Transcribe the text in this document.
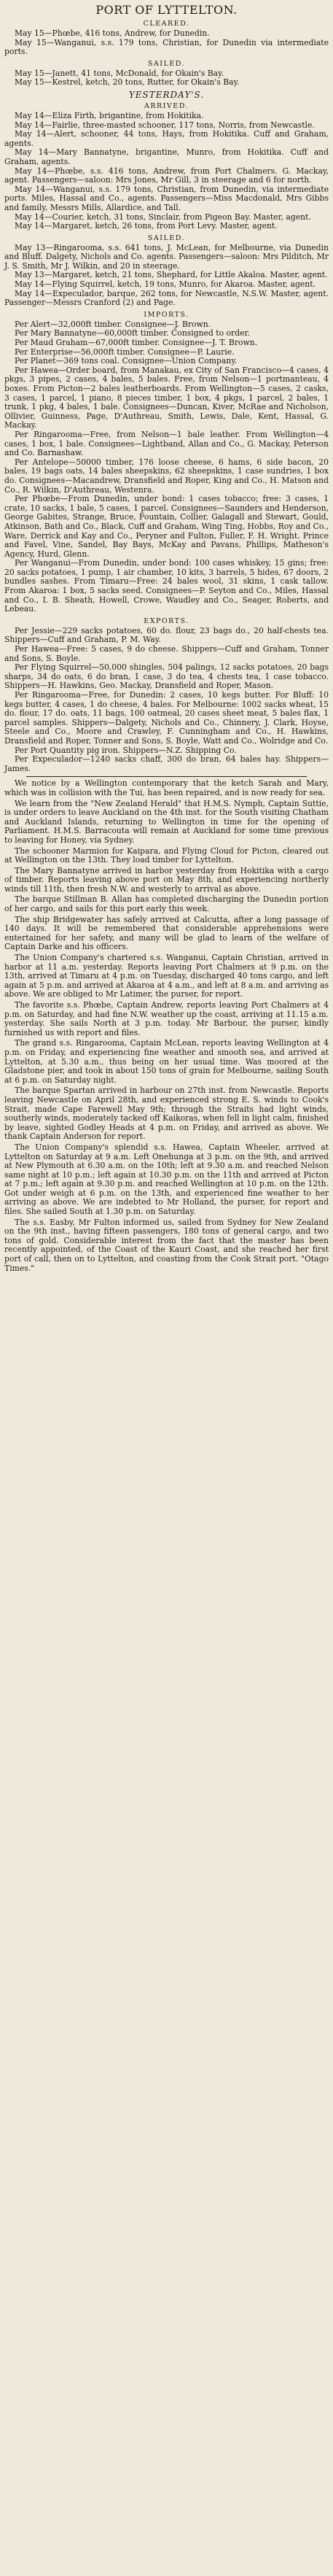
PORT OF LYTTELTON.
CLEARED.

May 15—Phœbe, 416 tons, Andrew, for Dunedin.

May 15—Wanganui, s.s. 179 tons, Christian, for Dunedin via intermediate ports.

SAILED.

May 15—Janett, 41 tons, McDonald, for Okain's Bay.

May 15—Kestrel, ketch, 20 tons, Rutter, for Okain's Bay.

YESTERDAY'S.
ARRIVED.

May 14—Eliza Firth, brigantine, from Hokitika.

May 14—Fairlie, three-masted schooner, 117 tons, Norris, from Newcastle.

May 14—Alert, schooner, 44 tons, Hays, from Hokitika. Cuff and Graham, agents.

May 14—Mary Bannatyne, brigantine, Munro, from Hokitika. Cuff and Graham, agents.

May 14—Phœbe, s.s. 416 tons, Andrew, from Port Chalmers. G. Mackay, agent. Passengers—saloon: Mrs Jones, Mr Gill, 3 in steerage and 6 for north.

May 14—Wanganui, s.s. 179 tons, Christian, from Dunedin, via intermediate ports. Miles, Hassal and Co., agents. Passengers—Miss Macdonald, Mrs Gibbs and family, Messrs Mills, Allardice, and Tall.

May 14—Courier, ketch, 31 tons, Sinclair, from Pigeon Bay. Master, agent.

May 14—Margaret, ketch, 26 tons, from Port Levy. Master, agent.

SAILED.

May 13—Ringarooma, s.s. 641 tons, J. McLean, for Melbourne, via Dunedin and Bluff. Dalgety, Nichols and Co. agents. Passengers—saloon: Mrs Pilditch, Mr J. S. Smith, Mr J. Wilkin, and 20 in steerage.

May 13—Margaret, ketch, 21 tons, Shephard, for Little Akaloa. Master, agent.

May 14—Flying Squirrel, ketch, 19 tons, Munro, for Akaroa. Master, agent.

May 14—Expeculador, barque, 262 tons, for Newcastle, N.S.W. Master, agent. Passenger—Messrs Cranford (2) and Page.

IMPORTS.

Per Alert—32,000ft timber. Consignee—J. Brown.

Per Mary Bannatyne—60,000ft timber. Consigned to order.

Per Maud Graham—67,000ft timber. Consignee—J. T. Brown.

Per Enterprise—56,000ft timber. Consignee—P. Laurie.

Per Planet—369 tons coal. Consignee—Union Company.

Per Hawea—Order board, from Manakau, ex City of San Francisco—4 cases, 4 pkgs, 3 pipes, 2 cases, 4 bales, 5 bales. Free, from Nelson—1 portmanteau, 4 boxes. From Picton—2 bales leatherboards. From Wellington—5 cases, 2 casks, 3 cases, 1 parcel, 1 piano, 8 pieces timber, 1 box, 4 pkgs, 1 parcel, 2 bales, 1 trunk, 1 pkg, 4 bales, 1 bale. Consignees—Duncan, Kiver, McRae and Nicholson, Ollivier, Guinness, Page, D'Authreau, Smith, Lewis, Dale, Kent, Hassal, G. Mackay.

Per Ringarooma—Free, from Nelson—1 bale leather. From Wellington—4 cases, 1 box, 1 bale. Consignees—Lightband, Allan and Co., G. Mackay, Peterson and Co. Barnashaw.

Per Antelope—50000 timber, 176 loose cheese, 6 hams, 6 side bacon, 20 bales, 19 bags oats, 14 bales sheepskins, 62 sheepskins, 1 case sundries, 1 box do. Consignees—Macandrew, Dransfield and Roper, King and Co., H. Matson and Co., R. Wilkin, D'Authreau, Westenra.

Per Phœbe—From Dunedin, under bond: 1 cases tobacco; free: 3 cases, 1 crate, 10 sacks, 1 bale, 5 cases, 1 parcel. Consignees—Saunders and Henderson, George Gabites, Strange, Bruce, Fountain, Collier, Galagall and Stewart, Gould, Atkinson, Bath and Co., Black, Cuff and Graham, Wing Ting, Hobbs, Roy and Co., Ware, Derrick and Kay and Co., Peryner and Fulton, Fuller, F. H. Wright. Prince and Favel, Vine, Sandel, Bay Bays, McKay and Pavans, Phillips, Matheson's Agency, Hurd, Glenn.

Per Wanganui—From Dunedin, under bond: 100 cases whiskey, 15 gins; free: 20 sacks potatoes, 1 pump, 1 air chamber, 10 kits, 3 barrels, 5 hides, 67 doors, 2 bundles sashes. From Timaru—Free: 24 bales wool, 31 skins, 1 cask tallow. From Akaroa: 1 box, 5 sacks seed. Consignees—P. Seyton and Co., Miles, Hassal and Co., I. B. Sheath, Howell, Crowe, Waudley and Co., Seager, Roberts, and Lebeau.

EXPORTS.

Per Jessie—229 sacks potatoes, 60 do. flour, 23 bags do., 20 half-chests tea. Shippers—Cuff and Graham, P. M. Way.

Per Hawea—Free: 5 cases, 9 do cheese. Shippers—Cuff and Graham, Tonner and Sons, S. Boyle.

Per Flying Squirrel—50,000 shingles, 504 palings, 12 sacks potatoes, 20 bags sharps, 34 do oats, 6 do bran, 1 case, 3 do tea, 4 chests tea, 1 case tobacco. Shippers—H. Hawkins, Geo. Mackay, Dransfield and Roper, Mason.

Per Ringarooma—Free, for Dunedin: 2 cases, 10 kegs butter. For Bluff: 10 kegs butter, 4 cases, 1 do cheese, 4 bales. For Melbourne: 1002 sacks wheat, 15 do. flour, 17 do. oats, 11 bags, 100 oatmeal, 20 cases sheet meat, 5 bales flax, 1 parcel samples. Shippers—Dalgety, Nichols and Co., Chinnery, J. Clark, Hoyse, Steele and Co., Moore and Crawley, F. Cunningham and Co., H. Hawkins, Dransfield and Roper, Tonner and Sons, S. Boyle, Watt and Co., Wolridge and Co.

Per Port Quantity pig iron. Shippers—N.Z. Shipping Co.

Per Expeculador—1240 sacks chaff, 300 do bran, 64 bales hay. Shippers—James.

We notice by a Wellington contemporary that the ketch Sarah and Mary, which was in collision with the Tui, has been repaired, and is now ready for sea.

We learn from the "New Zealand Herald" that H.M.S. Nymph, Captain Suttie, is under orders to leave Auckland on the 4th inst. for the South visiting Chatham and Auckland Islands, returning to Wellington in time for the opening of Parliament. H.M.S. Barracouta will remain at Auckland for some time previous to leaving for Honey, vía Sydney.

The schooner Marmion for Kaipara, and Flying Cloud for Picton, cleared out at Wellington on the 13th. They load timber for Lyttelton.

The Mary Bannatyne arrived in harbor yesterday from Hokitika with a cargo of timber. Reports leaving above port on May 8th, and experiencing northerly winds till 11th, then fresh N.W. and westerly to arrival as above.

The barque Stillman B. Allan has completed discharging the Dunedin portion of her cargo, and sails for this port early this week.

The ship Bridgewater has safely arrived at Calcutta, after a long passage of 140 days. It will be remembered that considerable apprehensions were entertained for her safety, and many will be glad to learn of the welfare of Captain Darke and his officers.

The Union Company's chartered s.s. Wanganui, Captain Christian, arrived in harbor at 11 a.m. yesterday. Reports leaving Port Chalmers at 9 p.m. on the 13th, arrived at Timaru at 4 p.m. on Tuesday, discharged 40 tons cargo, and left again at 5 p.m. and arrived at Akaroa at 4 a.m., and left at 8 a.m. and arriving as above. We are obliged to Mr Latimer, the purser, for report.

The favorite s.s. Phœbe, Captain Andrew, reports leaving Port Chalmers at 4 p.m. on Saturday, and had fine N.W. weather up the coast, arriving at 11.15 a.m. yesterday. She sails North at 3 p.m. today. Mr Barbour, the purser, kindly furnished us with report and files.

The grand s.s. Ringarooma, Captain McLean, reports leaving Wellington at 4 p.m. on Friday, and experiencing fine weather and smooth sea, and arrived at Lyttelton, at 5.30 a.m., thus being on her usual time. Was moored at the Gladstone pier, and took in about 150 tons of grain for Melbourne, sailing South at 6 p.m. on Saturday night.

The barque Spartan arrived in harbour on 27th inst. from Newcastle. Reports leaving Newcastle on April 28th, and experienced strong E. S. winds to Cook's Strait, made Cape Farewell May 9th; through the Straits had light winds, southerly winds, moderately tacked off Kaikoras, when fell in light calm, finished by leave, sighted Godley Heads at 4 p.m. on Friday, and arrived as above. We thank Captain Anderson for report.

The Union Company's splendid s.s. Hawea, Captain Wheeler, arrived at Lyttelton on Saturday at 9 a.m. Left Onehunga at 3 p.m. on the 9th, and arrived at New Plymouth at 6.30 a.m. on the 10th; left at 9.30 a.m. and reached Nelson same night at 10 p.m.; left again at 10.30 p.m. on the 11th and arrived at Picton at 7 p.m.; left again at 9.30 p.m. and reached Wellington at 10 p.m. on the 12th. Got under weigh at 6 p.m. on the 13th, and experienced fine weather to her arriving as above. We are indebted to Mr Holland, the purser, for report and files. She sailed South at 1.30 p.m. on Saturday.

The s.s. Easby, Mr Fulton informed us, sailed from Sydney for New Zealand on the 9th inst., having fifteen passengers, 180 tons of general cargo, and two tons of gold. Considerable interest from the fact that the master has been recently appointed, of the Coast of the Kauri Coast, and she reached her first port of call, then on to Lyttelton, and coasting from the Cook Strait port. "Otago Times."
